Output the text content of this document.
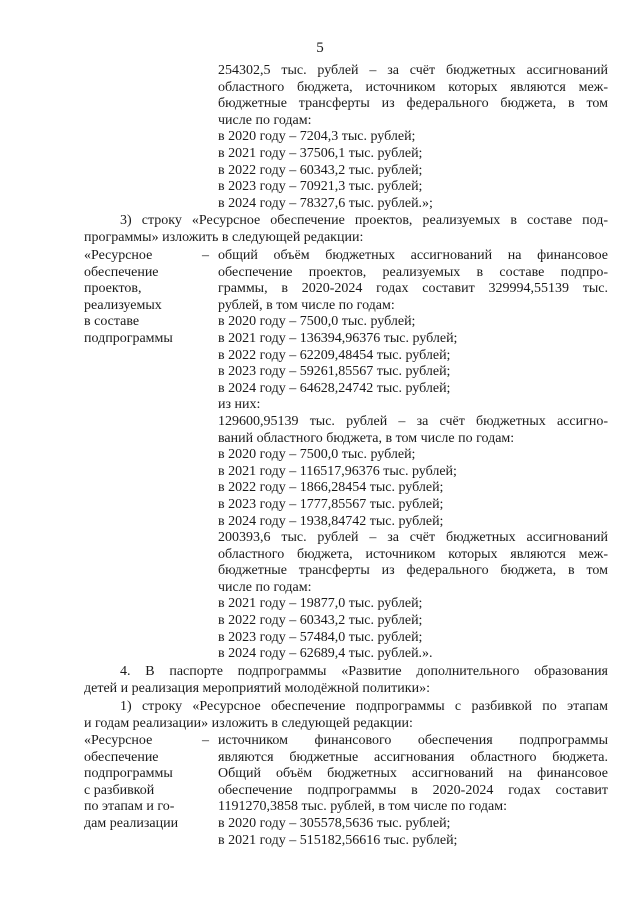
5
254302,5 тыс. рублей – за счёт бюджетных ассигнований
областного бюджета, источником которых являются меж-
бюджетные трансферты из федерального бюджета, в том
числе по годам:
в 2020 году – 7204,3 тыс. рублей;
в 2021 году – 37506,1 тыс. рублей;
в 2022 году – 60343,2 тыс. рублей;
в 2023 году – 70921,3 тыс. рублей;
в 2024 году – 78327,6 тыс. рублей.»;
3) строку «Ресурсное обеспечение проектов, реализуемых в составе под-
программы» изложить в следующей редакции:
«Ресурсное
обеспечение
проектов,
реализуемых
в составе
подпрограммы
– общий объём бюджетных ассигнований на финансовое
обеспечение проектов, реализуемых в составе подпро-
граммы, в 2020-2024 годах составит 329994,55139 тыс.
рублей, в том числе по годам:
в 2020 году – 7500,0 тыс. рублей;
в 2021 году – 136394,96376 тыс. рублей;
в 2022 году – 62209,48454 тыс. рублей;
в 2023 году – 59261,85567 тыс. рублей;
в 2024 году – 64628,24742 тыс. рублей;
из них:
129600,95139 тыс. рублей – за счёт бюджетных ассигно-
ваний областного бюджета, в том числе по годам:
в 2020 году – 7500,0 тыс. рублей;
в 2021 году – 116517,96376 тыс. рублей;
в 2022 году – 1866,28454 тыс. рублей;
в 2023 году – 1777,85567 тыс. рублей;
в 2024 году – 1938,84742 тыс. рублей;
200393,6 тыс. рублей – за счёт бюджетных ассигнований
областного бюджета, источником которых являются меж-
бюджетные трансферты из федерального бюджета, в том
числе по годам:
в 2021 году – 19877,0 тыс. рублей;
в 2022 году – 60343,2 тыс. рублей;
в 2023 году – 57484,0 тыс. рублей;
в 2024 году – 62689,4 тыс. рублей.».
4. В паспорте подпрограммы «Развитие дополнительного образования
детей и реализация мероприятий молодёжной политики»:
1) строку «Ресурсное обеспечение подпрограммы с разбивкой по этапам
и годам реализации» изложить в следующей редакции:
«Ресурсное
обеспечение
подпрограммы
с разбивкой
по этапам и го-
дам реализации
– источником финансового обеспечения подпрограммы
являются бюджетные ассигнования областного бюджета.
Общий объём бюджетных ассигнований на финансовое
обеспечение подпрограммы в 2020-2024 годах составит
1191270,3858 тыс. рублей, в том числе по годам:
в 2020 году – 305578,5636 тыс. рублей;
в 2021 году – 515182,56616 тыс. рублей;
